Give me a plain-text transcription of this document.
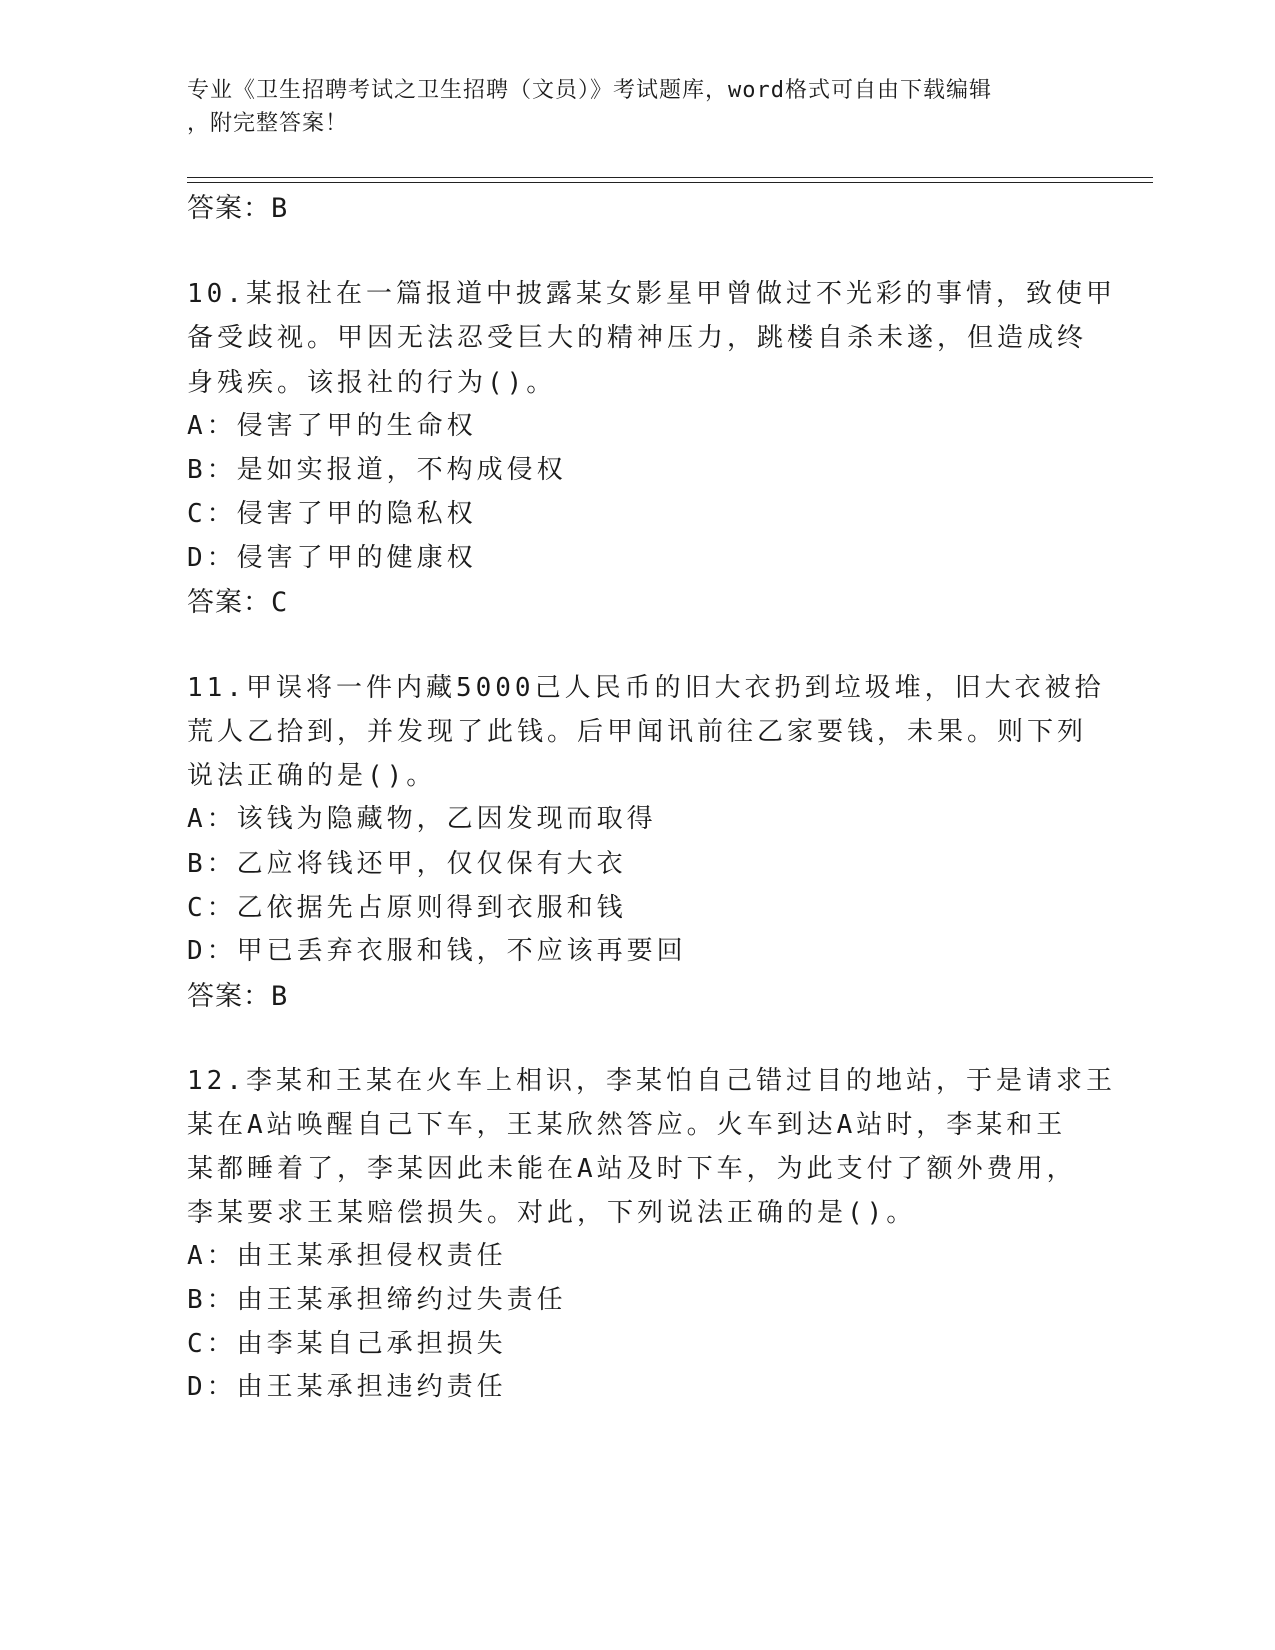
专业《卫生招聘考试之卫生招聘（文员）》考试题库，word格式可自由下载编辑
，附完整答案！
答案：B
10.某报社在一篇报道中披露某女影星甲曾做过不光彩的事情，致使甲
备受歧视。甲因无法忍受巨大的精神压力，跳楼自杀未遂，但造成终
身残疾。该报社的行为()。
A：侵害了甲的生命权
B：是如实报道，不构成侵权
C：侵害了甲的隐私权
D：侵害了甲的健康权
答案：C
11.甲误将一件内藏5000己人民币的旧大衣扔到垃圾堆，旧大衣被拾
荒人乙拾到，并发现了此钱。后甲闻讯前往乙家要钱，未果。则下列
说法正确的是()。
A：该钱为隐藏物，乙因发现而取得
B：乙应将钱还甲，仅仅保有大衣
C：乙依据先占原则得到衣服和钱
D：甲已丢弃衣服和钱，不应该再要回
答案：B
12.李某和王某在火车上相识，李某怕自己错过目的地站，于是请求王
某在A站唤醒自己下车，王某欣然答应。火车到达A站时，李某和王
某都睡着了，李某因此未能在A站及时下车，为此支付了额外费用，
李某要求王某赔偿损失。对此，下列说法正确的是()。
A：由王某承担侵权责任
B：由王某承担缔约过失责任
C：由李某自己承担损失
D：由王某承担违约责任
